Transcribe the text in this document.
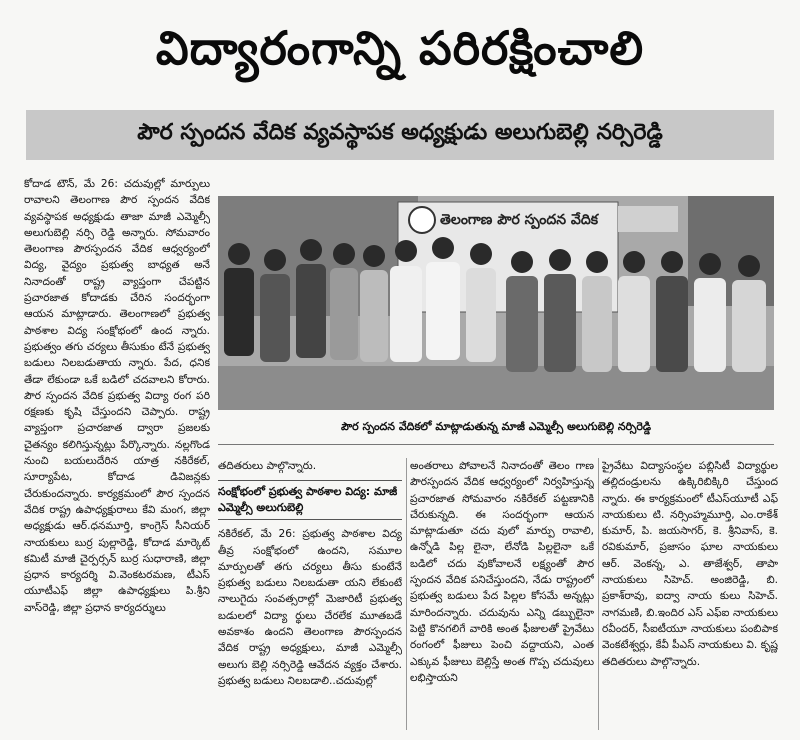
విద్యారంగాన్ని పరిరక్షించాలి
పౌర స్పందన వేదిక వ్యవస్థాపక అధ్యక్షుడు అలుగుబెల్లి నర్సిరెడ్డి

కోదాడ టౌన్, మే 26: చదువుల్లో మార్పులు రావాలని తెలంగాణ పౌర స్పందన వేదిక వ్యవస్థాపక అధ్యక్షుడు తాజా మాజీ ఎమ్మెల్సీ అలుగుబెల్లి నర్సి రెడ్డి అన్నారు. సోమవారం తెలంగాణ పౌరస్పందన వేదిక ఆధ్వర్యంలో విద్య, వైద్యం ప్రభుత్వ బాధ్యత అనే నినాదంతో రాష్ట్ర వ్యాప్తంగా చేపట్టిన ప్రచారజాత కోదాడకు చేరిన సందర్భంగా ఆయన మాట్లాడారు. తెలంగాణలో ప్రభుత్వ పాఠశాల విద్య సంక్షోభంలో ఉంద న్నారు. ప్రభుత్వం తగు చర్యలు తీసుకుం టేనే ప్రభుత్వ బడులు నిలబడుతాయ న్నారు. పేద, ధనిక తేడా లేకుండా ఒకే బడిలో చదవాలని కోరారు. పౌర స్పందన వేదిక ప్రభుత్వ విద్యా రంగ పరి రక్షణకు కృషి చేస్తుందని చెప్పారు. రాష్ట్ర వ్యాప్తంగా ప్రచారజాత ద్వారా ప్రజలకు చైతన్యం కలిగిస్తున్నట్లు పేర్కొన్నారు. నల్లగొండ నుంచి బయలుదేరిన యాత్ర నకిరేకల్, సూర్యాపేట, కోదాడ డివిజన్లకు చేరుకుందన్నారు. కార్యక్రమంలో పౌర స్పందన వేదిక రాష్ట్ర ఉపాధ్యక్షురాలు కేవి మంగ, జిల్లా అధ్యక్షుడు ఆర్.ధనమూర్తి, కాంగ్రెస్ సీనియర్ నాయకులు బుర్ర పుల్లారెడ్డి, కోదాడ మార్కెట్ కమిటీ మాజీ చైర్పర్సన్ బుర్ర సుధారాణి, జిల్లా ప్రధాన కార్యదర్శి వి.వెంకటరమణ, టీఎస్ యూటీఎఫ్ జిల్లా ఉపాధ్యక్షులు పి.శ్రీని వాస్‌రెడ్డి, జిల్లా ప్రధాన కార్యదర్శులు

తెలంగాణ పౌర స్పందన వేదిక
పౌర స్పందన వేదికలో మాట్లాడుతున్న మాజీ ఎమ్మెల్సీ అలుగుబెల్లి నర్సిరెడ్డి

తదితరులు పాల్గొన్నారు.

సంక్షోభంలో ప్రభుత్వ పాఠశాల విద్య: మాజీ ఎమ్మెల్సీ అలుగుబెల్లి

నకిరేకల్, మే 26: ప్రభుత్వ పాఠశాల విద్య తీవ్ర సంక్షోభంలో ఉందని, సమూల మార్పులతో తగు చర్యలు తీసు కుంటేనే ప్రభుత్వ బడులు నిలబడుతా యని లేకుంటే నాలుగైదు సంవత్సరాల్లో మెజారిటీ ప్రభుత్వ బడులలో విద్యా ర్థులు చేరలేక మూతబడే అవకాశం ఉందని తెలంగాణ పౌరస్పందన వేదిక రాష్ట్ర అధ్యక్షులు, మాజీ ఎమ్మెల్సీ అలుగు బెల్లి నర్సిరెడ్డి ఆవేదన వ్యక్తం చేశారు. ప్రభుత్వ బడులు నిలబడాలి..చదువుల్లో

అంతరాలు పోవాలనే నినాదంతో తెలం గాణ పౌరస్పందన వేదిక ఆధ్వర్యంలో నిర్వహిస్తున్న ప్రచారజాత సోమవారం నకిరేకల్ పట్టణానికి చేరుకున్నది. ఈ సందర్భంగా ఆయన మాట్లాడుతూ చదు వులో మార్పు రావాలి, ఉన్నోడి పిల్ల లైనా, లేనోడి పిల్లలైనా ఒకే బడిలో చదు వుకోవాలనే లక్ష్యంతో పౌర స్పందన వేదిక పనిచేస్తుందని, నేడు రాష్ట్రంలో ప్రభుత్వ బడులు పేద పిల్లల కోసమే అన్నట్లు మారిందన్నారు. చదువును ఎన్ని డబ్బులైనా పెట్టి కొనగలిగే వారికి అంత ఫీజులతో ప్రైవేటు రంగంలో ఫీజులు పెంచి వద్దాయని, ఎంత ఎక్కువ ఫీజులు బెల్లిస్తే అంత గొప్ప చదువులు లభిస్తాయని

ప్రైవేటు విద్యాసంస్థల పబ్లిసిటీ విద్యార్థుల తల్లిదండ్రులను ఉక్కిరిబిక్కిరి చేస్తుంద న్నారు. ఈ కార్యక్రమంలో టీఎస్‌యూటీ ఎఫ్ నాయకులు టి. నర్సింహ్మమూర్తి, ఎం.రాకేశ్ కుమార్, పి. జయసాగర్, కె. శ్రీనివాస్, కె. రవికుమార్, ప్రజాసం ఘాల నాయకులు ఆర్. వెంకన్న, ఎ. తాజేశ్వర్, తాపా నాయకులు సిహెచ్. అంజిరెడ్డి, బి. ప్రకాశ్‌రావు, ఐద్వా నాయ కులు సిహెచ్. నాగమణి, బి.ఇందిర ఎస్ ఎఫ్ఐ నాయకులు రవీందర్, సీఐటీయూ నాయకులు పంబిపాక వెంకటేశ్వర్లు, కేవీ పీఎస్ నాయకులు వి. కృష్ణ తదితరులు పాల్గొన్నారు.
